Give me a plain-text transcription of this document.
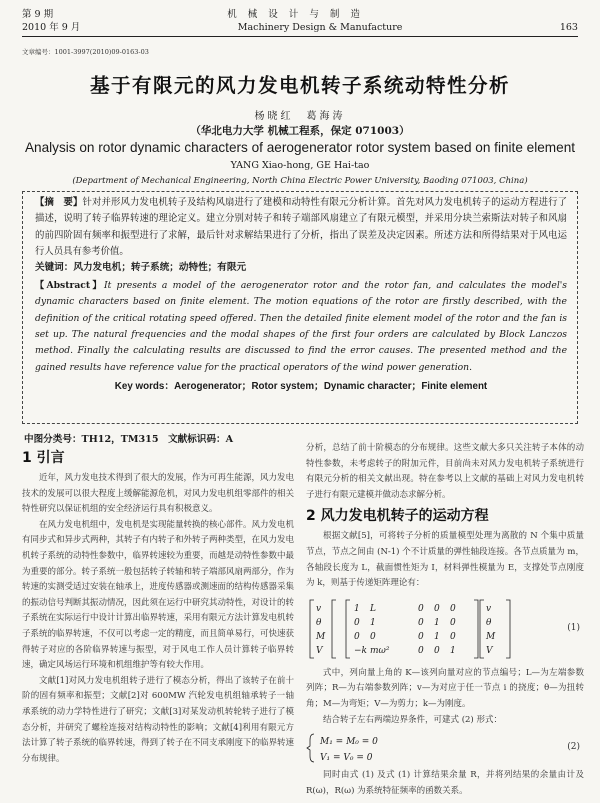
第 9 期	机 械 设 计 与 制 造
2010 年 9 月	Machinery Design & Manufacture	163
文章编号：1001-3997(2010)09-0163-03
基于有限元的风力发电机转子系统动特性分析
杨晓红　葛海涛
（华北电力大学 机械工程系，保定 071003）
Analysis on rotor dynamic characters of aerogenerator rotor system based on finite element
YANG Xiao-hong, GE Hai-tao
(Department of Mechanical Engineering, North China Electric Power University, Baoding 071003, China)

【摘　要】针对并形风力发电机转子及结构风扇进行了建模和动特性有限元分析计算。首先对风力发电机转子的运动方程进行了描述，说明了转子临界转速的理论定义。建立分别对转子和转子端部风扇建立了有限元模型，并采用分块兰索斯法对转子和风扇的前四阶固有频率和振型进行了求解，最后针对求解结果进行了分析，指出了误差及决定因素。所述方法和所得结果对于风电运行人员具有参考价值。

关键词：风力发电机；转子系统；动特性；有限元

【Abstract】It presents a model of the aerogenerator rotor and the rotor fan, and calculates the model's dynamic characters based on finite element. The motion equations of the rotor are firstly described, with the definition of the critical rotating speed offered. Then the detailed finite element model of the rotor and the fan is set up. The natural frequencies and the modal shapes of the first four orders are calculated by Block Lanczos method. Finally the calculating results are discussed to find the error causes. The presented method and the gained results have reference value for the practical operators of the wind power generation.

Key words：Aerogenerator；Rotor system；Dynamic character；Finite element

中图分类号：TH12，TM315　文献标识码：A
1 引言

近年，风力发电技术得到了很大的发展，作为可再生能源，风力发电技术的发展可以很大程度上缓解能源危机，对风力发电机组零部件的相关特性研究以保证机组的安全经济运行具有积极意义。

在风力发电机组中，发电机是实现能量转换的核心部件。风力发电机有同步式和异步式两种，其转子有内转子和外转子两种类型，在风力发电机转子系统的动特性参数中，临界转速较为重要，而越是动特性参数中最为重要的部分。转子系统一般包括转子转轴和转子端部风扇两部分，作为转速的实测受适过安装在轴承上，进度传感器或测速面的结构传感器采集的振动信号判断其振动情况，因此须在运行中研究其动特性，对设计的转子系统在实际运行中设计计算出临界转速，采用有限元方法计算发电机转子系统的临界转速，不仅可以考虑一定的精度，而且简单易行，可快速获得转子对应的各阶临界转速与振型，对于风电工作人员计算转子临界转速，确定风场运行环境和机组维护等有较大作用。

文献[1]对风力发电机组转子进行了模态分析，得出了该转子在前十阶的固有频率和振型；文献[2]对 600MW 汽轮发电机组轴承转子一轴承系统的动力学特性进行了研究；文献[3]对某发动机转轮转子进行了模态分析，并研究了螺栓连接对结构动特性的影响；文献[4]利用有限元方法计算了转子系统的临界转速，得到了转子在不同支承刚度下的临界转速分布规律。

分析，总结了前十阶模态的分布规律。这些文献大多只关注转子本体的动特性参数，未考虑转子的附加元件，目前尚未对风力发电机转子系统进行有限元分析的相关文献出现。特在参考以上文献的基础上对风力发电机转子进行有限元建模并做动态求解分析。

2 风力发电机转子的运动方程

根据文献[5]，可将转子分析的质量模型处理为离散的 N 个集中质量节点，节点之间由 (N-1) 个不计质量的弹性轴段连接。各节点质量为 m，各轴段长度为 L，截面惯性矩为 I，材料弹性模量为 E，支撑处节点刚度为 k，则基于传递矩阵理论有：

v
θ
M
V
1 L
0 1
0 0
−k mω²
0 0 0
0 1 0
0 1 0
0 0 1
v
θ
M
V
(1)

式中，列向量上角的 K—该列向量对应的节点编号；L—为左端参数列阵；R—为右端参数列阵；v—为对应于任一节点 i 的挠度；θ—为扭转角；M—为弯矩；V—为剪力；k—为刚度。

结合转子左右两端边界条件，可建式 (2) 形式：

M₁ = M₀ = 0
V₁ = V₀ = 0
(2)

同时由式 (1) 及式 (1) 计算结果余量 R，并将列结果的余量由计及 R(ω)，R(ω) 为系统特征频率的函数关系。
